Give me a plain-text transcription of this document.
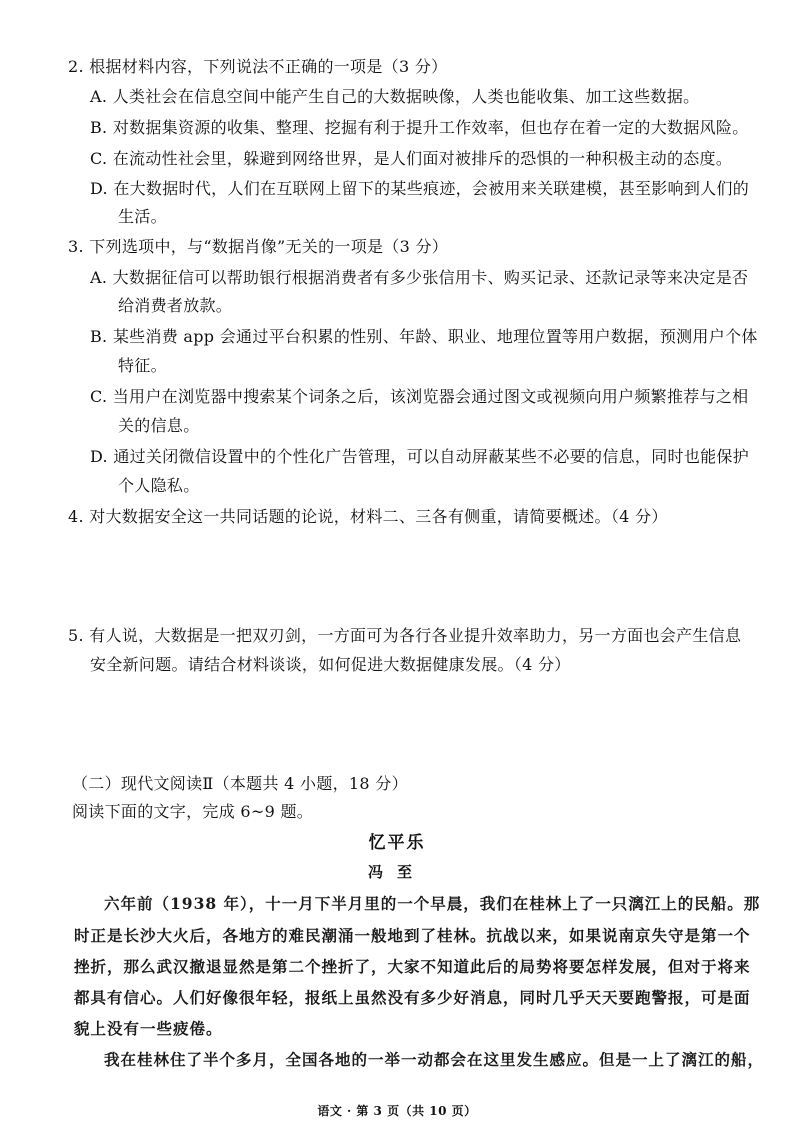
2. 根据材料内容，下列说法不正确的一项是（3 分）
A. 人类社会在信息空间中能产生自己的大数据映像，人类也能收集、加工这些数据。
B. 对数据集资源的收集、整理、挖掘有利于提升工作效率，但也存在着一定的大数据风险。
C. 在流动性社会里，躲避到网络世界，是人们面对被排斥的恐惧的一种积极主动的态度。
D. 在大数据时代，人们在互联网上留下的某些痕迹，会被用来关联建模，甚至影响到人们的
生活。
3. 下列选项中，与“数据肖像”无关的一项是（3 分）
A. 大数据征信可以帮助银行根据消费者有多少张信用卡、购买记录、还款记录等来决定是否
给消费者放款。
B. 某些消费 app 会通过平台积累的性别、年龄、职业、地理位置等用户数据，预测用户个体
特征。
C. 当用户在浏览器中搜索某个词条之后，该浏览器会通过图文或视频向用户频繁推荐与之相
关的信息。
D. 通过关闭微信设置中的个性化广告管理，可以自动屏蔽某些不必要的信息，同时也能保护
个人隐私。
4. 对大数据安全这一共同话题的论说，材料二、三各有侧重，请简要概述。（4 分）
5. 有人说，大数据是一把双刃剑，一方面可为各行各业提升效率助力，另一方面也会产生信息
安全新问题。请结合材料谈谈，如何促进大数据健康发展。（4 分）
（二）现代文阅读Ⅱ（本题共 4 小题，18 分）
阅读下面的文字，完成 6~9 题。
忆平乐
冯至
六年前（1938 年），十一月下半月里的一个早晨，我们在桂林上了一只漓江上的民船。那
时正是长沙大火后，各地方的难民潮涌一般地到了桂林。抗战以来，如果说南京失守是第一个
挫折，那么武汉撤退显然是第二个挫折了，大家不知道此后的局势将要怎样发展，但对于将来
都具有信心。人们好像很年轻，报纸上虽然没有多少好消息，同时几乎天天要跑警报，可是面
貌上没有一些疲倦。
我在桂林住了半个多月，全国各地的一举一动都会在这里发生感应。但是一上了漓江的船，
语文 · 第 3 页（共 10 页）
